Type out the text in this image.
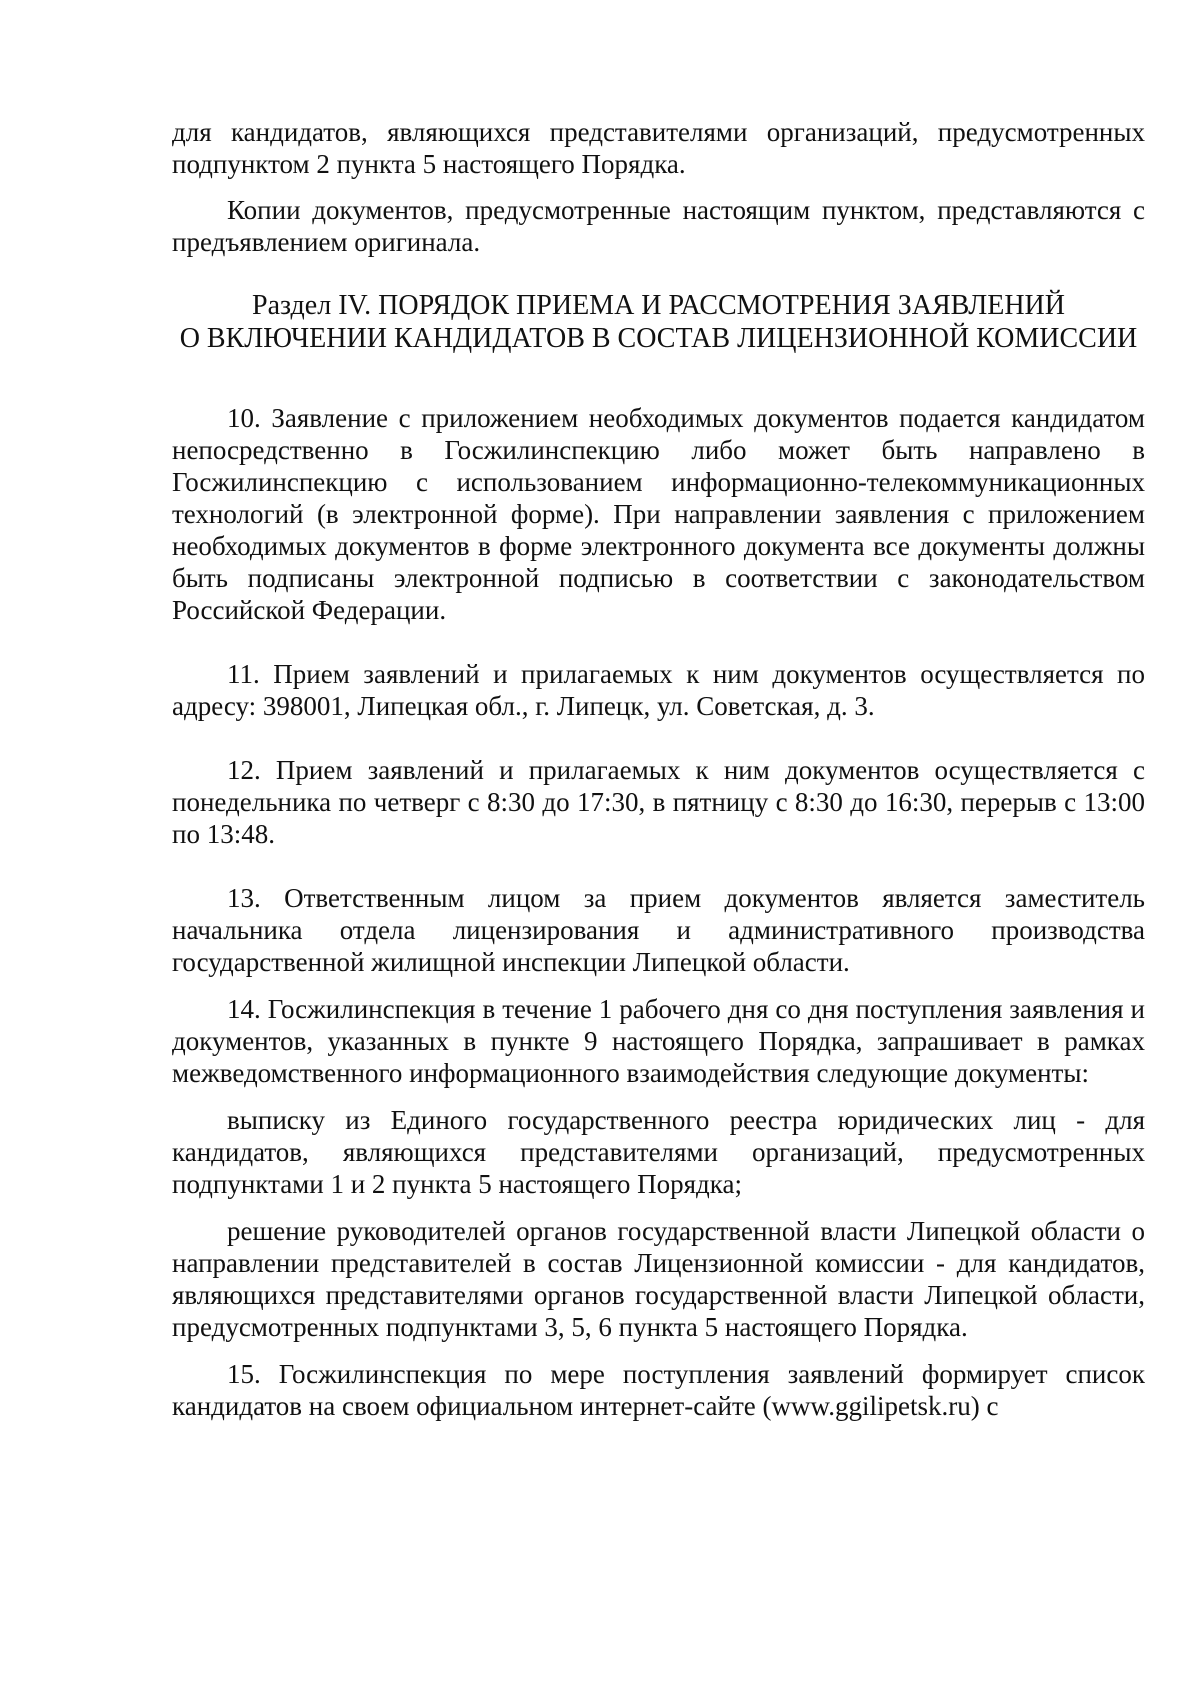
для кандидатов, являющихся представителями организаций, предусмотренных подпунктом 2 пункта 5 настоящего Порядка.

Копии документов, предусмотренные настоящим пунктом, представляются с предъявлением оригинала.

Раздел IV. ПОРЯДОК ПРИЕМА И РАССМОТРЕНИЯ ЗАЯВЛЕНИЙ
О ВКЛЮЧЕНИИ КАНДИДАТОВ В СОСТАВ ЛИЦЕНЗИОННОЙ КОМИССИИ

10. Заявление с приложением необходимых документов подается кандидатом непосредственно в Госжилинспекцию либо может быть направлено в Госжилинспекцию с использованием информационно-телекоммуникационных технологий (в электронной форме). При направлении заявления с приложением необходимых документов в форме электронного документа все документы должны быть подписаны электронной подписью в соответствии с законодательством Российской Федерации.

11. Прием заявлений и прилагаемых к ним документов осуществляется по адресу: 398001, Липецкая обл., г. Липецк, ул. Советская, д. 3.

12. Прием заявлений и прилагаемых к ним документов осуществляется с понедельника по четверг с 8:30 до 17:30, в пятницу с 8:30 до 16:30, перерыв с 13:00 по 13:48.

13. Ответственным лицом за прием документов является заместитель начальника отдела лицензирования и административного производства государственной жилищной инспекции Липецкой области.

14. Госжилинспекция в течение 1 рабочего дня со дня поступления заявления и документов, указанных в пункте 9 настоящего Порядка, запрашивает в рамках межведомственного информационного взаимодействия следующие документы:

выписку из Единого государственного реестра юридических лиц - для кандидатов, являющихся представителями организаций, предусмотренных подпунктами 1 и 2 пункта 5 настоящего Порядка;

решение руководителей органов государственной власти Липецкой области о направлении представителей в состав Лицензионной комиссии - для кандидатов, являющихся представителями органов государственной власти Липецкой области, предусмотренных подпунктами 3, 5, 6 пункта 5 настоящего Порядка.

15. Госжилинспекция по мере поступления заявлений формирует список кандидатов на своем официальном интернет-сайте (www.ggilipetsk.ru) с
